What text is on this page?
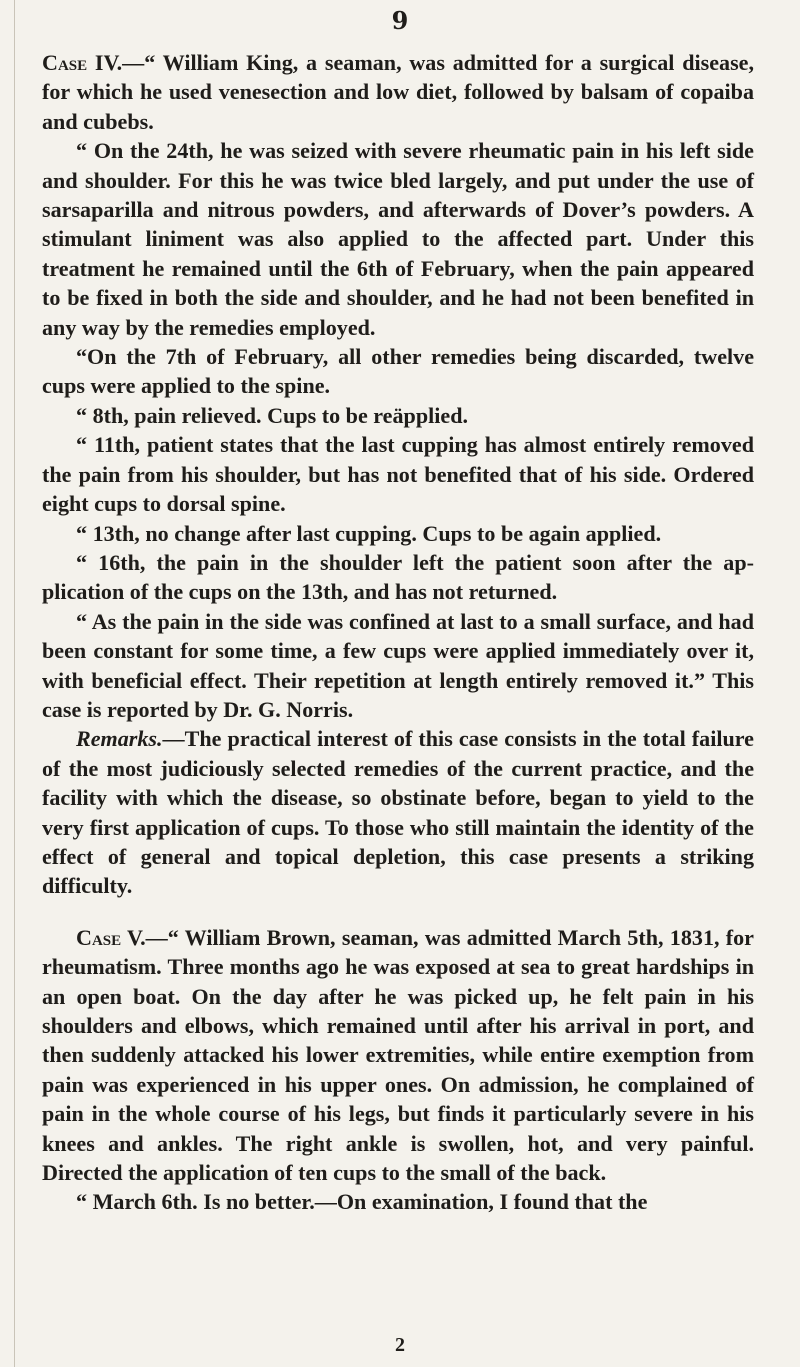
9

Case IV.—“ William King, a seaman, was admitted for a surgical disease, for which he used venesection and low diet, followed by balsam of copaiba and cubebs.

“ On the 24th, he was seized with severe rheumatic pain in his left side and shoulder. For this he was twice bled largely, and put under the use of sarsaparilla and nitrous powders, and afterwards of Dover’s powders. A stimulant liniment was also applied to the affected part. Under this treatment he remained until the 6th of February, when the pain appeared to be fixed in both the side and shoulder, and he had not been benefited in any way by the remedies employed.

“On the 7th of February, all other remedies being discarded, twelve cups were applied to the spine.

“ 8th, pain relieved. Cups to be reäpplied.

“ 11th, patient states that the last cupping has almost entirely removed the pain from his shoulder, but has not benefited that of his side. Ordered eight cups to dorsal spine.

“ 13th, no change after last cupping. Cups to be again applied.

“ 16th, the pain in the shoulder left the patient soon after the application of the cups on the 13th, and has not returned.

“ As the pain in the side was confined at last to a small surface, and had been constant for some time, a few cups were applied immediately over it, with beneficial effect. Their repetition at length entirely removed it.” This case is reported by Dr. G. Norris.

Remarks.—The practical interest of this case consists in the total failure of the most judiciously selected remedies of the current practice, and the facility with which the disease, so obstinate before, began to yield to the very first application of cups. To those who still maintain the identity of the effect of general and topical depletion, this case presents a striking difficulty.

Case V.—“ William Brown, seaman, was admitted March 5th, 1831, for rheumatism. Three months ago he was exposed at sea to great hardships in an open boat. On the day after he was picked up, he felt pain in his shoulders and elbows, which remained until after his arrival in port, and then suddenly attacked his lower extremities, while entire exemption from pain was experienced in his upper ones. On admission, he complained of pain in the whole course of his legs, but finds it particularly severe in his knees and ankles. The right ankle is swollen, hot, and very painful. Directed the application of ten cups to the small of the back.

“ March 6th. Is no better.—On examination, I found that the

2
